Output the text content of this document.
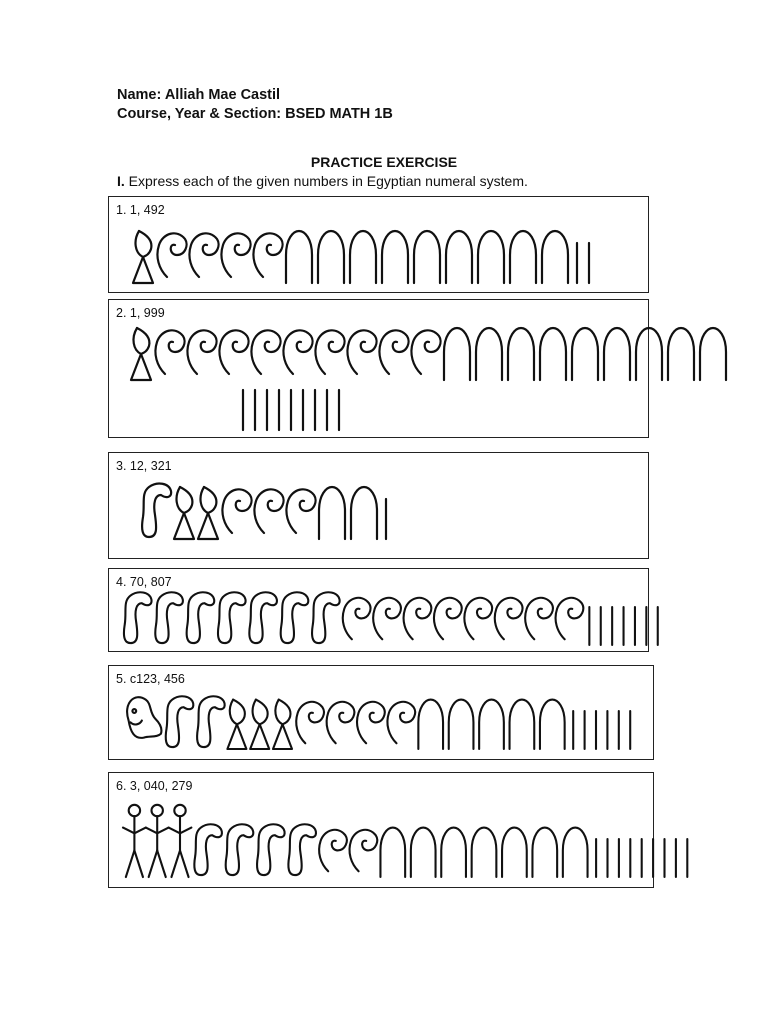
Name: Alliah Mae Castil
Course, Year & Section: BSED MATH 1B
PRACTICE EXERCISE
I. Express each of the given numbers in Egyptian numeral system.
1. 1, 492
2. 1, 999
3. 12, 321
4. 70, 807
5. c123, 456
6. 3, 040, 279
